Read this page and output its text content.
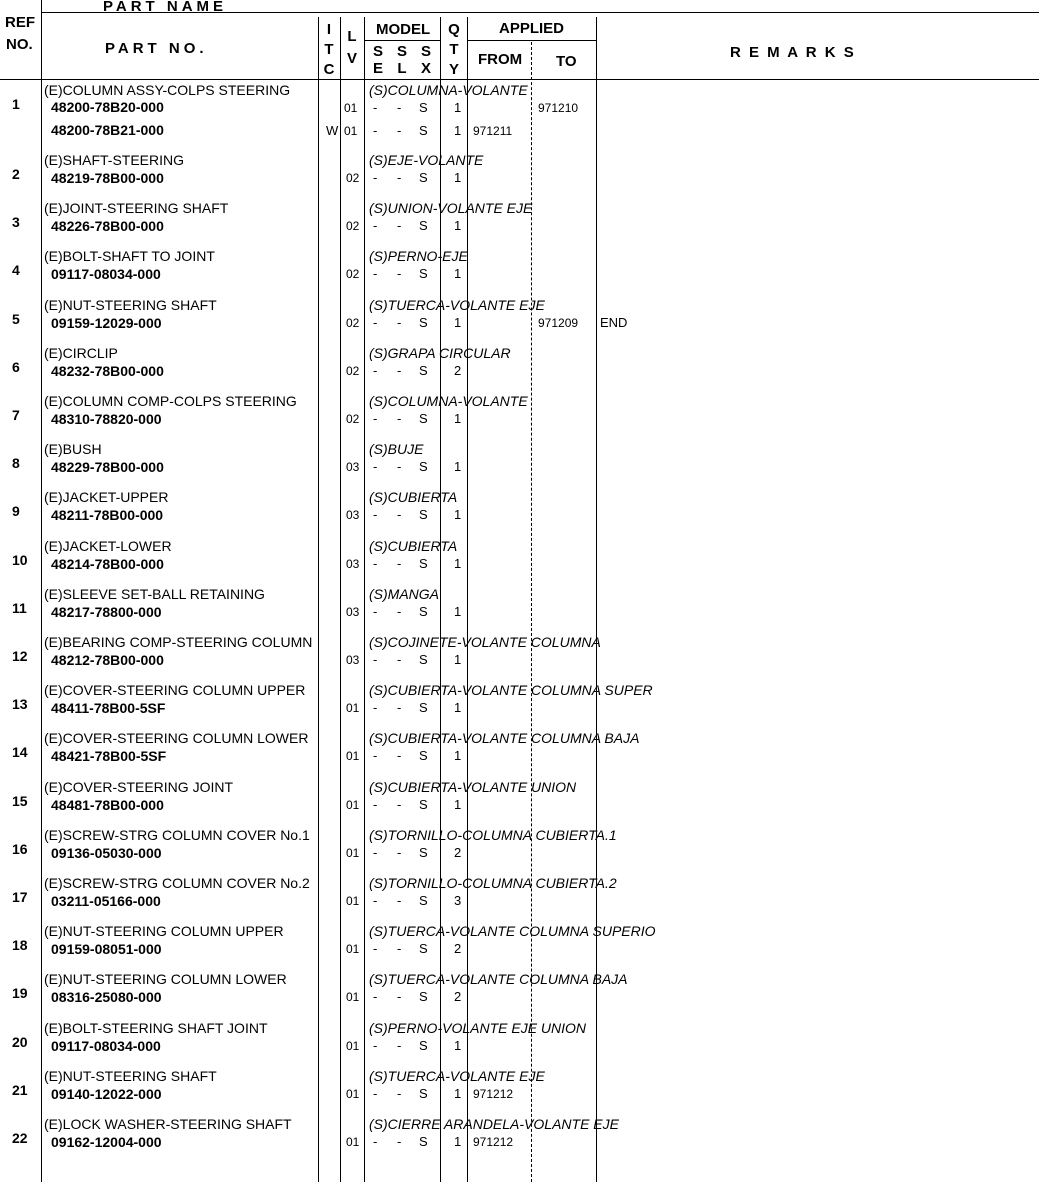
REF
NO.
PART NAME
PART NO.
I
T
C
L
V
MODEL
S
E
S
L
S
X
Q
T
Y
APPLIED
FROM TO
R E M A R K S
1
(E)COLUMN ASSY-COLPS STEERING	(S)COLUMNA-VOLANTE
48200-78B20-000	01 - - S 1	971210
48200-78B21-000	W 01 - - S 1 971211
2
(E)SHAFT-STEERING	(S)EJE-VOLANTE
48219-78B00-000	02 - - S 1
3
(E)JOINT-STEERING SHAFT	(S)UNION-VOLANTE EJE
48226-78B00-000	02 - - S 1
4
(E)BOLT-SHAFT TO JOINT	(S)PERNO-EJE
09117-08034-000	02 - - S 1
5
(E)NUT-STEERING SHAFT	(S)TUERCA-VOLANTE EJE
09159-12029-000	02 - - S 1	971209 END
6
(E)CIRCLIP	(S)GRAPA CIRCULAR
48232-78B00-000	02 - - S 2
7
(E)COLUMN COMP-COLPS STEERING	(S)COLUMNA-VOLANTE
48310-78820-000	02 - - S 1
8
(E)BUSH	(S)BUJE
48229-78B00-000	03 - - S 1
9
(E)JACKET-UPPER	(S)CUBIERTA
48211-78B00-000	03 - - S 1
10
(E)JACKET-LOWER	(S)CUBIERTA
48214-78B00-000	03 - - S 1
11
(E)SLEEVE SET-BALL RETAINING	(S)MANGA
48217-78800-000	03 - - S 1
12
(E)BEARING COMP-STEERING COLUMN	(S)COJINETE-VOLANTE COLUMNA
48212-78B00-000	03 - - S 1
13
(E)COVER-STEERING COLUMN UPPER	(S)CUBIERTA-VOLANTE COLUMNA SUPER
48411-78B00-5SF	01 - - S 1
14
(E)COVER-STEERING COLUMN LOWER	(S)CUBIERTA-VOLANTE COLUMNA BAJA
48421-78B00-5SF	01 - - S 1
15
(E)COVER-STEERING JOINT	(S)CUBIERTA-VOLANTE UNION
48481-78B00-000	01 - - S 1
16
(E)SCREW-STRG COLUMN COVER No.1	(S)TORNILLO-COLUMNA CUBIERTA.1
09136-05030-000	01 - - S 2
17
(E)SCREW-STRG COLUMN COVER No.2	(S)TORNILLO-COLUMNA CUBIERTA.2
03211-05166-000	01 - - S 3
18
(E)NUT-STEERING COLUMN UPPER	(S)TUERCA-VOLANTE COLUMNA SUPERIO
09159-08051-000	01 - - S 2
19
(E)NUT-STEERING COLUMN LOWER	(S)TUERCA-VOLANTE COLUMNA BAJA
08316-25080-000	01 - - S 2
20
(E)BOLT-STEERING SHAFT JOINT	(S)PERNO-VOLANTE EJE UNION
09117-08034-000	01 - - S 1
21
(E)NUT-STEERING SHAFT	(S)TUERCA-VOLANTE EJE
09140-12022-000	01 - - S 1 971212
22
(E)LOCK WASHER-STEERING SHAFT	(S)CIERRE ARANDELA-VOLANTE EJE
09162-12004-000	01 - - S 1 971212
